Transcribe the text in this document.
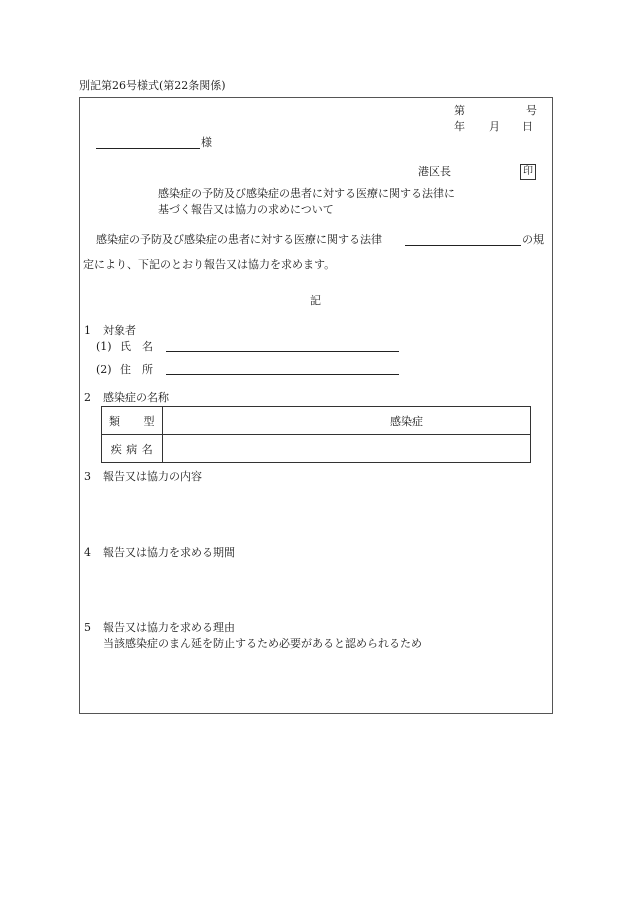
別記第26号様式(第22条関係)
第	号
年 月 日
様
港区長	印
感染症の予防及び感染症の患者に対する医療に関する法律に
基づく報告又は協力の求めについて
感染症の予防及び感染症の患者に対する医療に関する法律	の規
定により、下記のとおり報告又は協力を求めます。
記
1 対象者
(1) 氏　名
(2) 住　所
2 感染症の名称
類　　型	感染症
疾 病 名	
3 報告又は協力の内容
4 報告又は協力を求める期間
5 報告又は協力を求める理由
当該感染症のまん延を防止するため必要があると認められるため
